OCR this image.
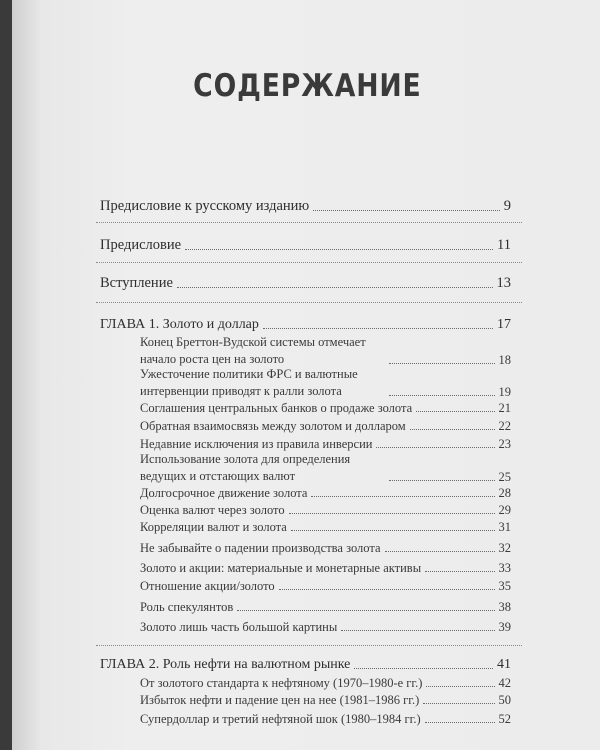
СОДЕРЖАНИЕ
Предисловие к русскому изданию	9
Предисловие	11
Вступление	13
ГЛАВА 1. Золото и доллар	17
Конец Бреттон-Вудской системы отмечает начало роста цен на золото	18
Ужесточение политики ФРС и валютные интервенции приводят к ралли золота	19
Соглашения центральных банков о продаже золота	21
Обратная взаимосвязь между золотом и долларом	22
Недавние исключения из правила инверсии	23
Использование золота для определения ведущих и отстающих валют	25
Долгосрочное движение золота	28
Оценка валют через золото	29
Корреляции валют и золота	31
Не забывайте о падении производства золота	32
Золото и акции: материальные и монетарные активы	33
Отношение акции/золото	35
Роль спекулянтов	38
Золото лишь часть большой картины	39
ГЛАВА 2. Роль нефти на валютном рынке	41
От золотого стандарта к нефтяному (1970–1980-е гг.)	42
Избыток нефти и падение цен на нее (1981–1986 гг.)	50
Супердоллар и третий нефтяной шок (1980–1984 гг.)	52
